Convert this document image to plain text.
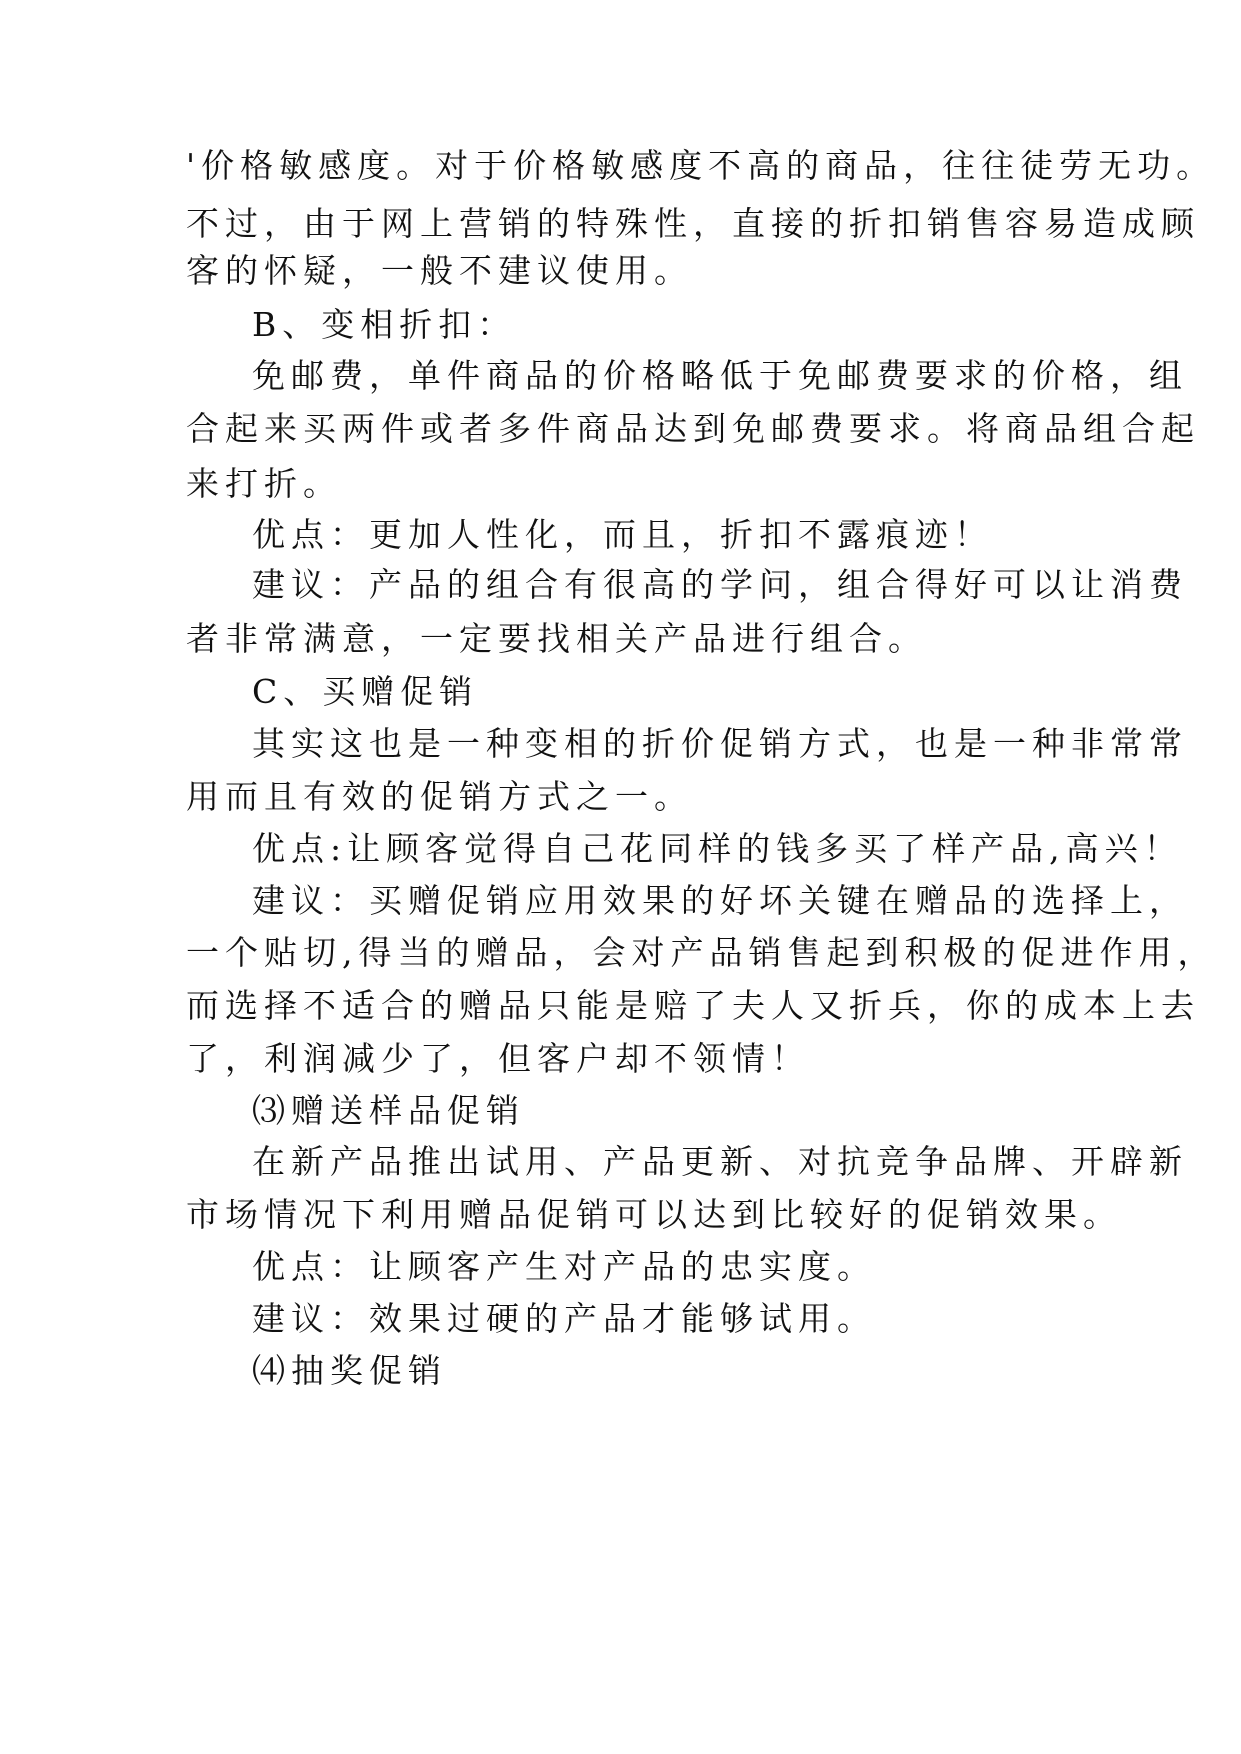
'价格敏感度。对于价格敏感度不高的商品，往往徒劳无功。
不过，由于网上营销的特殊性，直接的折扣销售容易造成顾
客的怀疑，一般不建议使用。
B、变相折扣：
免邮费，单件商品的价格略低于免邮费要求的价格，组
合起来买两件或者多件商品达到免邮费要求。将商品组合起
来打折。
优点：更加人性化，而且，折扣不露痕迹！
建议：产品的组合有很高的学问，组合得好可以让消费
者非常满意，一定要找相关产品进行组合。
C、买赠促销
其实这也是一种变相的折价促销方式，也是一种非常常
用而且有效的促销方式之一。
优点:让顾客觉得自己花同样的钱多买了样产品,高兴！
建议：买赠促销应用效果的好坏关键在赠品的选择上，
一个贴切,得当的赠品，会对产品销售起到积极的促进作用，
而选择不适合的赠品只能是赔了夫人又折兵，你的成本上去
了，利润减少了，但客户却不领情！
⑶赠送样品促销
在新产品推出试用、产品更新、对抗竞争品牌、开辟新
市场情况下利用赠品促销可以达到比较好的促销效果。
优点：让顾客产生对产品的忠实度。
建议：效果过硬的产品才能够试用。
⑷抽奖促销
